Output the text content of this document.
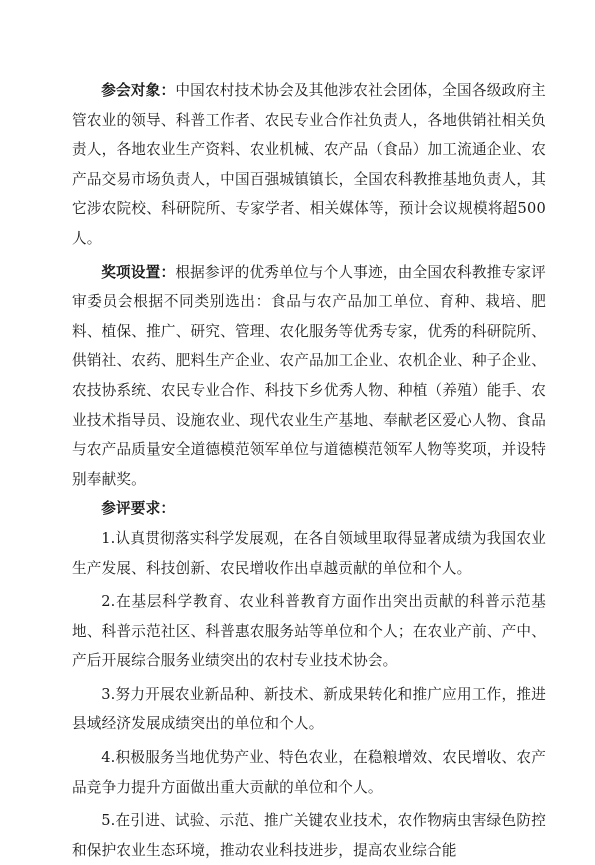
参会对象：中国农村技术协会及其他涉农社会团体，全国各级政府主管农业的领导、科普工作者、农民专业合作社负责人，各地供销社相关负责人，各地农业生产资料、农业机械、农产品（食品）加工流通企业、农产品交易市场负责人，中国百强城镇镇长，全国农科教推基地负责人，其它涉农院校、科研院所、专家学者、相关媒体等，预计会议规模将超500人。

奖项设置：根据参评的优秀单位与个人事迹，由全国农科教推专家评审委员会根据不同类别选出：食品与农产品加工单位、育种、栽培、肥料、植保、推广、研究、管理、农化服务等优秀专家，优秀的科研院所、供销社、农药、肥料生产企业、农产品加工企业、农机企业、种子企业、农技协系统、农民专业合作、科技下乡优秀人物、种植（养殖）能手、农业技术指导员、设施农业、现代农业生产基地、奉献老区爱心人物、食品与农产品质量安全道德模范领军单位与道德模范领军人物等奖项，并设特别奉献奖。

参评要求：

1.认真贯彻落实科学发展观，在各自领域里取得显著成绩为我国农业生产发展、科技创新、农民增收作出卓越贡献的单位和个人。

2.在基层科学教育、农业科普教育方面作出突出贡献的科普示范基地、科普示范社区、科普惠农服务站等单位和个人；在农业产前、产中、产后开展综合服务业绩突出的农村专业技术协会。

3.努力开展农业新品种、新技术、新成果转化和推广应用工作，推进县域经济发展成绩突出的单位和个人。

4.积极服务当地优势产业、特色农业，在稳粮增效、农民增收、农产品竞争力提升方面做出重大贡献的单位和个人。

5.在引进、试验、示范、推广关键农业技术，农作物病虫害绿色防控和保护农业生态环境，推动农业科技进步，提高农业综合能
